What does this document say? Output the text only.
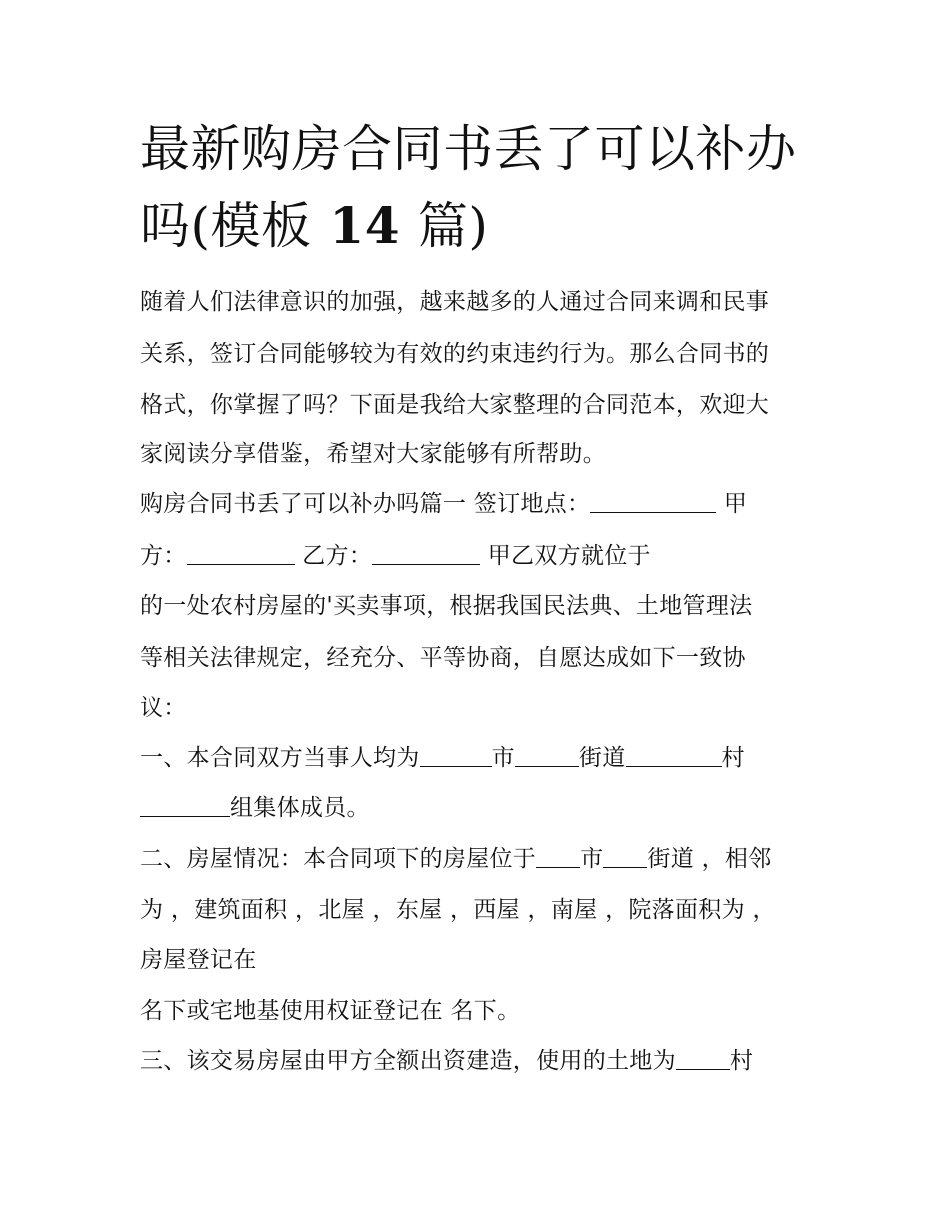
最新购房合同书丢了可以补办
吗(模板 14 篇)
随着人们法律意识的加强，越来越多的人通过合同来调和民事
关系，签订合同能够较为有效的约束违约行为。那么合同书的
格式，你掌握了吗？下面是我给大家整理的合同范本，欢迎大
家阅读分享借鉴，希望对大家能够有所帮助。
购房合同书丢了可以补办吗篇一 签订地点：	甲
方：	乙方：	甲乙双方就位于
的一处农村房屋的'买卖事项，根据我国民法典、土地管理法
等相关法律规定，经充分、平等协商，自愿达成如下一致协
议：
一、本合同双方当事人均为	市	街道	村
组集体成员。
二、房屋情况：本合同项下的房屋位于 市 街道 ，相邻
为 ，建筑面积 ，北屋 ，东屋 ，西屋 ，南屋 ，院落面积为 ，
房屋登记在
名下或宅地基使用权证登记在 名下。
三、该交易房屋由甲方全额出资建造，使用的土地为 村
